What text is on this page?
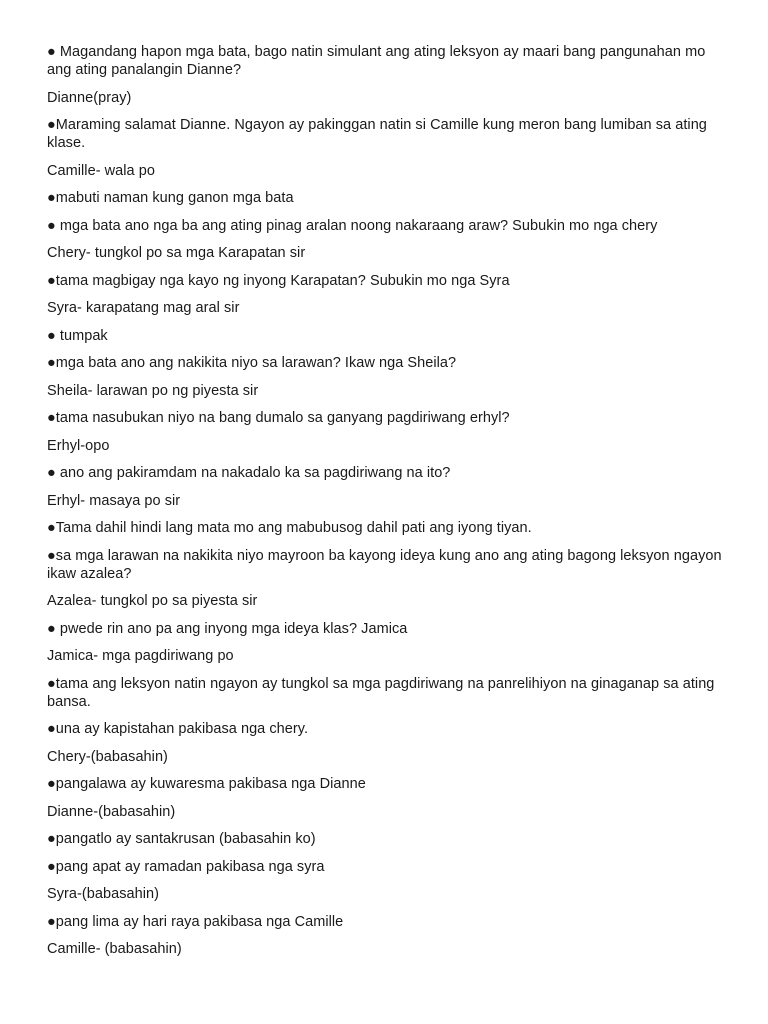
● Magandang hapon mga bata, bago natin simulant ang ating leksyon ay maari bang pangunahan mo ang ating panalangin Dianne?

Dianne(pray)

●Maraming salamat Dianne. Ngayon ay pakinggan natin si Camille kung meron bang lumiban sa ating klase.

Camille- wala po

●mabuti naman kung ganon mga bata

● mga bata ano nga ba ang ating pinag aralan noong nakaraang araw? Subukin mo nga chery

Chery- tungkol po sa mga Karapatan sir

●tama magbigay nga kayo ng inyong Karapatan? Subukin mo nga Syra

Syra- karapatang mag aral sir

● tumpak

●mga bata ano ang nakikita niyo sa larawan? Ikaw nga Sheila?

Sheila- larawan po ng piyesta sir

●tama nasubukan niyo na bang dumalo sa ganyang pagdiriwang erhyl?

Erhyl-opo

● ano ang pakiramdam na nakadalo ka sa pagdiriwang na ito?

Erhyl- masaya po sir

●Tama dahil hindi lang mata mo ang mabubusog dahil pati ang iyong tiyan.

●sa mga larawan na nakikita niyo mayroon ba kayong ideya kung ano ang ating bagong leksyon ngayon ikaw azalea?

Azalea- tungkol po sa piyesta sir

● pwede rin ano pa ang inyong mga ideya klas? Jamica

Jamica- mga pagdiriwang po

●tama ang leksyon natin ngayon ay tungkol sa mga pagdiriwang na panrelihiyon na ginaganap sa ating bansa.

●una ay kapistahan pakibasa nga chery.

Chery-(babasahin)

●pangalawa ay kuwaresma pakibasa nga Dianne

Dianne-(babasahin)

●pangatlo ay santakrusan (babasahin ko)

●pang apat ay ramadan pakibasa nga syra

Syra-(babasahin)

●pang lima ay hari raya pakibasa nga Camille

Camille- (babasahin)
